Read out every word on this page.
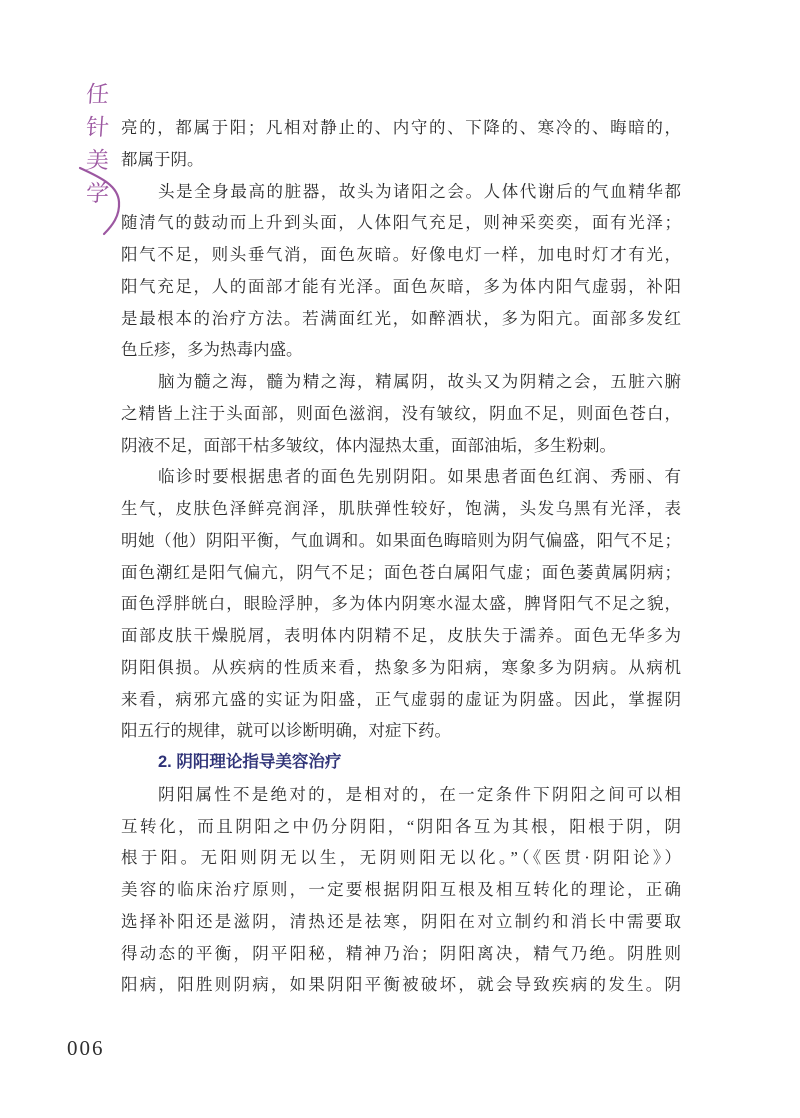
任
针
美
学
亮的，都属于阳；凡相对静止的、内守的、下降的、寒冷的、晦暗的，
都属于阴。
头是全身最高的脏器，故头为诸阳之会。人体代谢后的气血精华都
随清气的鼓动而上升到头面，人体阳气充足，则神采奕奕，面有光泽；
阳气不足，则头垂气消，面色灰暗。好像电灯一样，加电时灯才有光，
阳气充足，人的面部才能有光泽。面色灰暗，多为体内阳气虚弱，补阳
是最根本的治疗方法。若满面红光，如醉酒状，多为阳亢。面部多发红
色丘疹，多为热毒内盛。
脑为髓之海，髓为精之海，精属阴，故头又为阴精之会，五脏六腑
之精皆上注于头面部，则面色滋润，没有皱纹，阴血不足，则面色苍白，
阴液不足，面部干枯多皱纹，体内湿热太重，面部油垢，多生粉刺。
临诊时要根据患者的面色先别阴阳。如果患者面色红润、秀丽、有
生气，皮肤色泽鲜亮润泽，肌肤弹性较好，饱满，头发乌黑有光泽，表
明她（他）阴阳平衡，气血调和。如果面色晦暗则为阴气偏盛，阳气不足；
面色潮红是阳气偏亢，阴气不足；面色苍白属阳气虚；面色萎黄属阴病；
面色浮胖㿠白，眼睑浮肿，多为体内阴寒水湿太盛，脾肾阳气不足之貌，
面部皮肤干燥脱屑，表明体内阴精不足，皮肤失于濡养。面色无华多为
阴阳俱损。从疾病的性质来看，热象多为阳病，寒象多为阴病。从病机
来看，病邪亢盛的实证为阳盛，正气虚弱的虚证为阴盛。因此，掌握阴
阳五行的规律，就可以诊断明确，对症下药。
2. 阴阳理论指导美容治疗
阴阳属性不是绝对的，是相对的，在一定条件下阴阳之间可以相
互转化，而且阴阳之中仍分阴阳，“阴阳各互为其根，阳根于阴，阴
根于阳。无阳则阴无以生，无阴则阳无以化。”（《医贯·阴阳论》）
美容的临床治疗原则，一定要根据阴阳互根及相互转化的理论，正确
选择补阳还是滋阴，清热还是祛寒，阴阳在对立制约和消长中需要取
得动态的平衡，阴平阳秘，精神乃治；阴阳离决，精气乃绝。阴胜则
阳病，阳胜则阴病，如果阴阳平衡被破坏，就会导致疾病的发生。阴
006
